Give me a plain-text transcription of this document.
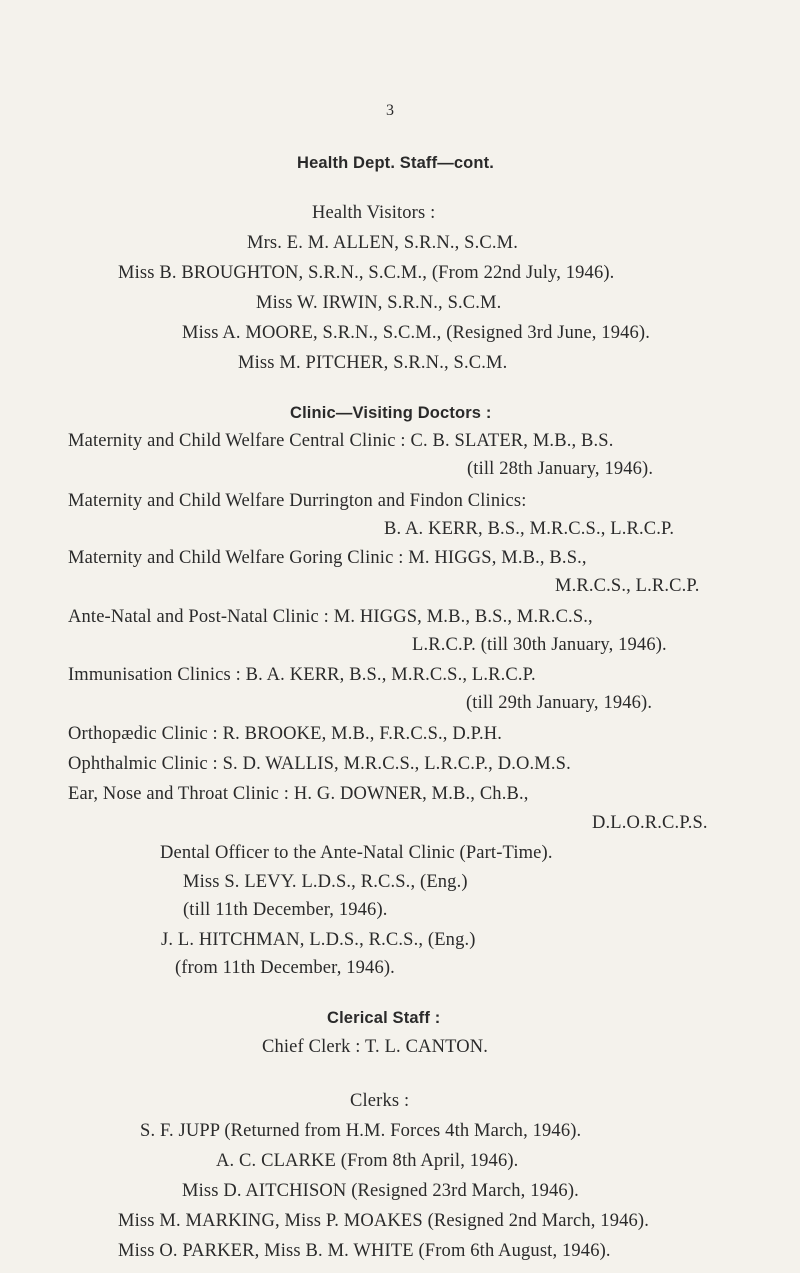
3
Health Dept. Staff—cont.
Health Visitors :
Mrs. E. M. ALLEN, S.R.N., S.C.M.
Miss B. BROUGHTON, S.R.N., S.C.M., (From 22nd July, 1946).
Miss W. IRWIN, S.R.N., S.C.M.
Miss A. MOORE, S.R.N., S.C.M., (Resigned 3rd June, 1946).
Miss M. PITCHER, S.R.N., S.C.M.
Clinic—Visiting Doctors :
Maternity and Child Welfare Central Clinic : C. B. SLATER, M.B., B.S.
(till 28th January, 1946).
Maternity and Child Welfare Durrington and Findon Clinics:
B. A. KERR, B.S., M.R.C.S., L.R.C.P.
Maternity and Child Welfare Goring Clinic : M. HIGGS, M.B., B.S.,
M.R.C.S., L.R.C.P.
Ante-Natal and Post-Natal Clinic : M. HIGGS, M.B., B.S., M.R.C.S.,
L.R.C.P. (till 30th January, 1946).
Immunisation Clinics : B. A. KERR, B.S., M.R.C.S., L.R.C.P.
(till 29th January, 1946).
Orthopædic Clinic : R. BROOKE, M.B., F.R.C.S., D.P.H.
Ophthalmic Clinic : S. D. WALLIS, M.R.C.S., L.R.C.P., D.O.M.S.
Ear, Nose and Throat Clinic : H. G. DOWNER, M.B., Ch.B.,
D.L.O.R.C.P.S.
Dental Officer to the Ante-Natal Clinic (Part-Time).
Miss S. LEVY. L.D.S., R.C.S., (Eng.)
(till 11th December, 1946).
J. L. HITCHMAN, L.D.S., R.C.S., (Eng.)
(from 11th December, 1946).
Clerical Staff :
Chief Clerk : T. L. CANTON.
Clerks :
S. F. JUPP (Returned from H.M. Forces 4th March, 1946).
A. C. CLARKE (From 8th April, 1946).
Miss D. AITCHISON (Resigned 23rd March, 1946).
Miss M. MARKING, Miss P. MOAKES (Resigned 2nd March, 1946).
Miss O. PARKER, Miss B. M. WHITE (From 6th August, 1946).
